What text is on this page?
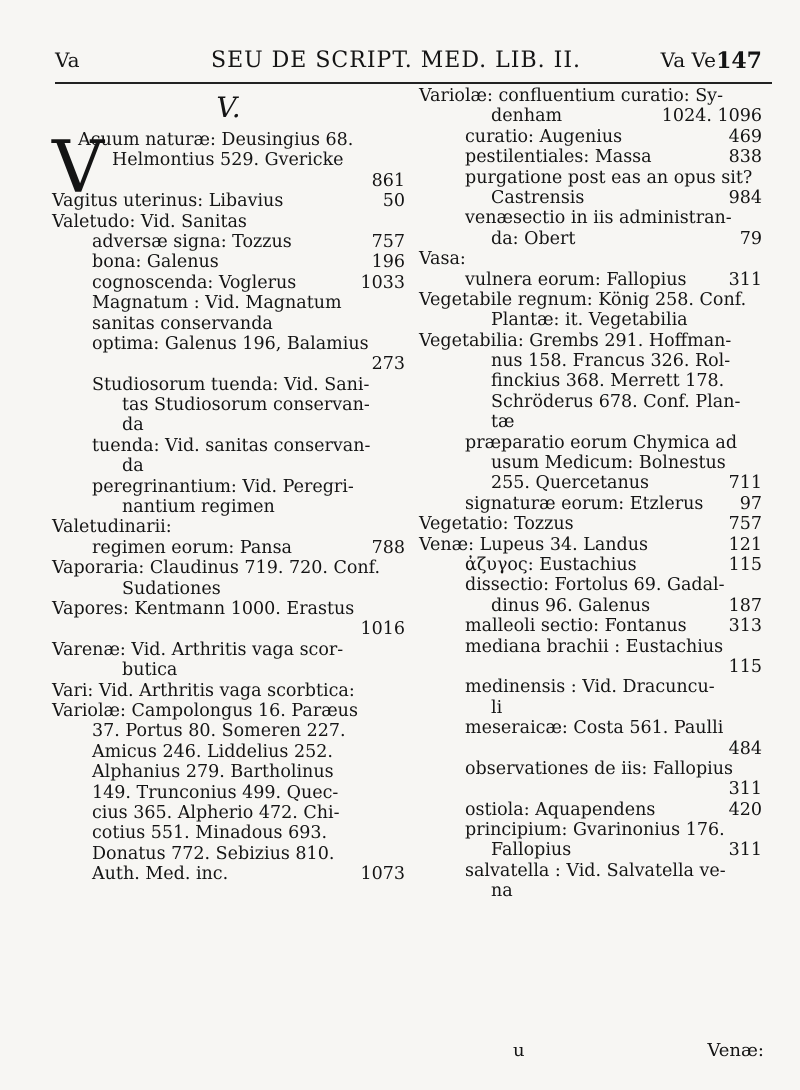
Va	SEU DE SCRIPT. MED. LIB. II.	Va Ve 147
V.
V
Acuum naturæ: Deusingius 68.
Helmontius 529. Gvericke
861
Vagitus uterinus: Libavius	50
Valetudo: Vid. Sanitas
adversæ signa: Tozzus	757
bona: Galenus	196
cognoscenda: Voglerus	1033
Magnatum : Vid. Magnatum
sanitas conservanda
optima: Galenus 196, Balamius
273
Studiosorum tuenda: Vid. Sani-
tas Studiosorum conservan-
da
tuenda: Vid. sanitas conservan-
da
peregrinantium: Vid. Peregri-
nantium regimen
Valetudinarii:
regimen eorum: Pansa	788
Vaporaria: Claudinus 719. 720. Conf.
Sudationes
Vapores: Kentmann 1000. Erastus
1016
Varenæ: Vid. Arthritis vaga scor-
butica
Vari: Vid. Arthritis vaga scorbtica:
Variolæ: Campolongus 16. Paræus
37. Portus 80. Someren 227.
Amicus 246. Liddelius 252.
Alphanius 279. Bartholinus
149. Trunconius 499. Quec-
cius 365. Alpherio 472. Chi-
cotius 551. Minadous 693.
Donatus 772. Sebizius 810.
Auth. Med. inc.	1073
Variolæ: confluentium curatio: Sy-
denham	1024. 1096
curatio: Augenius	469
pestilentiales: Massa	838
purgatione post eas an opus sit?
Castrensis	984
venæsectio in iis administran-
da: Obert	79
Vasa:
vulnera eorum: Fallopius 311
Vegetabile regnum: König 258. Conf.
Plantæ: it. Vegetabilia
Vegetabilia: Grembs 291. Hoffman-
nus 158. Francus 326. Rol-
finckius 368. Merrett 178.
Schröderus 678. Conf. Plan-
tæ
præparatio eorum Chymica ad
usum Medicum: Bolnestus
255. Quercetanus	711
signaturæ eorum: Etzlerus 97
Vegetatio: Tozzus	757
Venæ: Lupeus 34. Landus	121
ἀζυγος: Eustachius	115
dissectio: Fortolus 69. Gadal-
dinus 96. Galenus	187
malleoli sectio: Fontanus 313
mediana brachii : Eustachius
115
medinensis : Vid. Dracuncu-
li
meseraicæ: Costa 561. Paulli
484
observationes de iis: Fallopius
311
ostiola: Aquapendens	420
principium: Gvarinonius 176.
Fallopius	311
salvatella : Vid. Salvatella ve-
na
u	Venæ:
